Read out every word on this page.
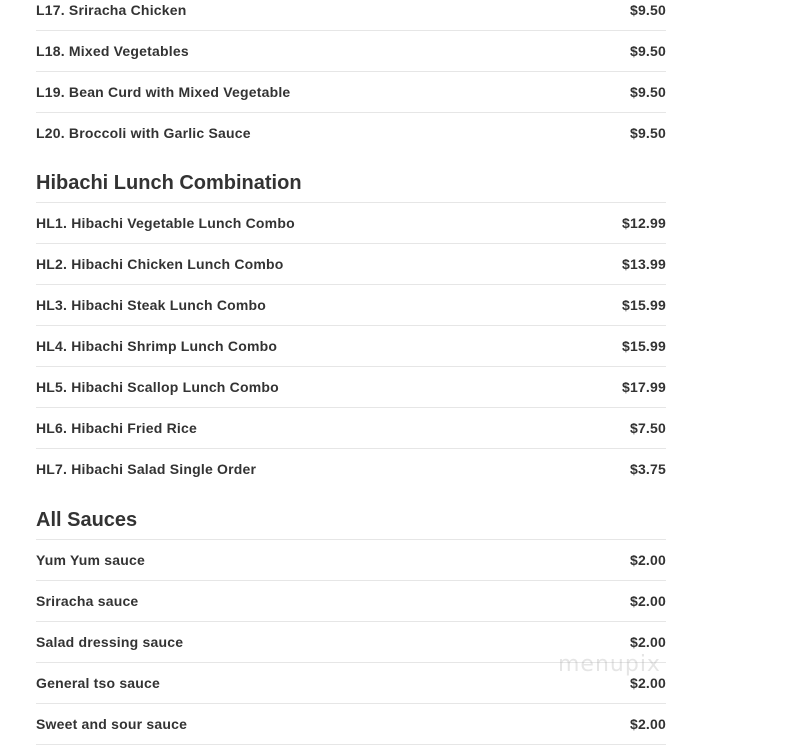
L17. Sriracha Chicken	$9.50
L18. Mixed Vegetables	$9.50
L19. Bean Curd with Mixed Vegetable	$9.50
L20. Broccoli with Garlic Sauce	$9.50
Hibachi Lunch Combination
HL1. Hibachi Vegetable Lunch Combo	$12.99
HL2. Hibachi Chicken Lunch Combo	$13.99
HL3. Hibachi Steak Lunch Combo	$15.99
HL4. Hibachi Shrimp Lunch Combo	$15.99
HL5. Hibachi Scallop Lunch Combo	$17.99
HL6. Hibachi Fried Rice	$7.50
HL7. Hibachi Salad Single Order	$3.75
All Sauces
Yum Yum sauce	$2.00
Sriracha sauce	$2.00
Salad dressing sauce	$2.00
General tso sauce	$2.00
Sweet and sour sauce	$2.00
menupix
